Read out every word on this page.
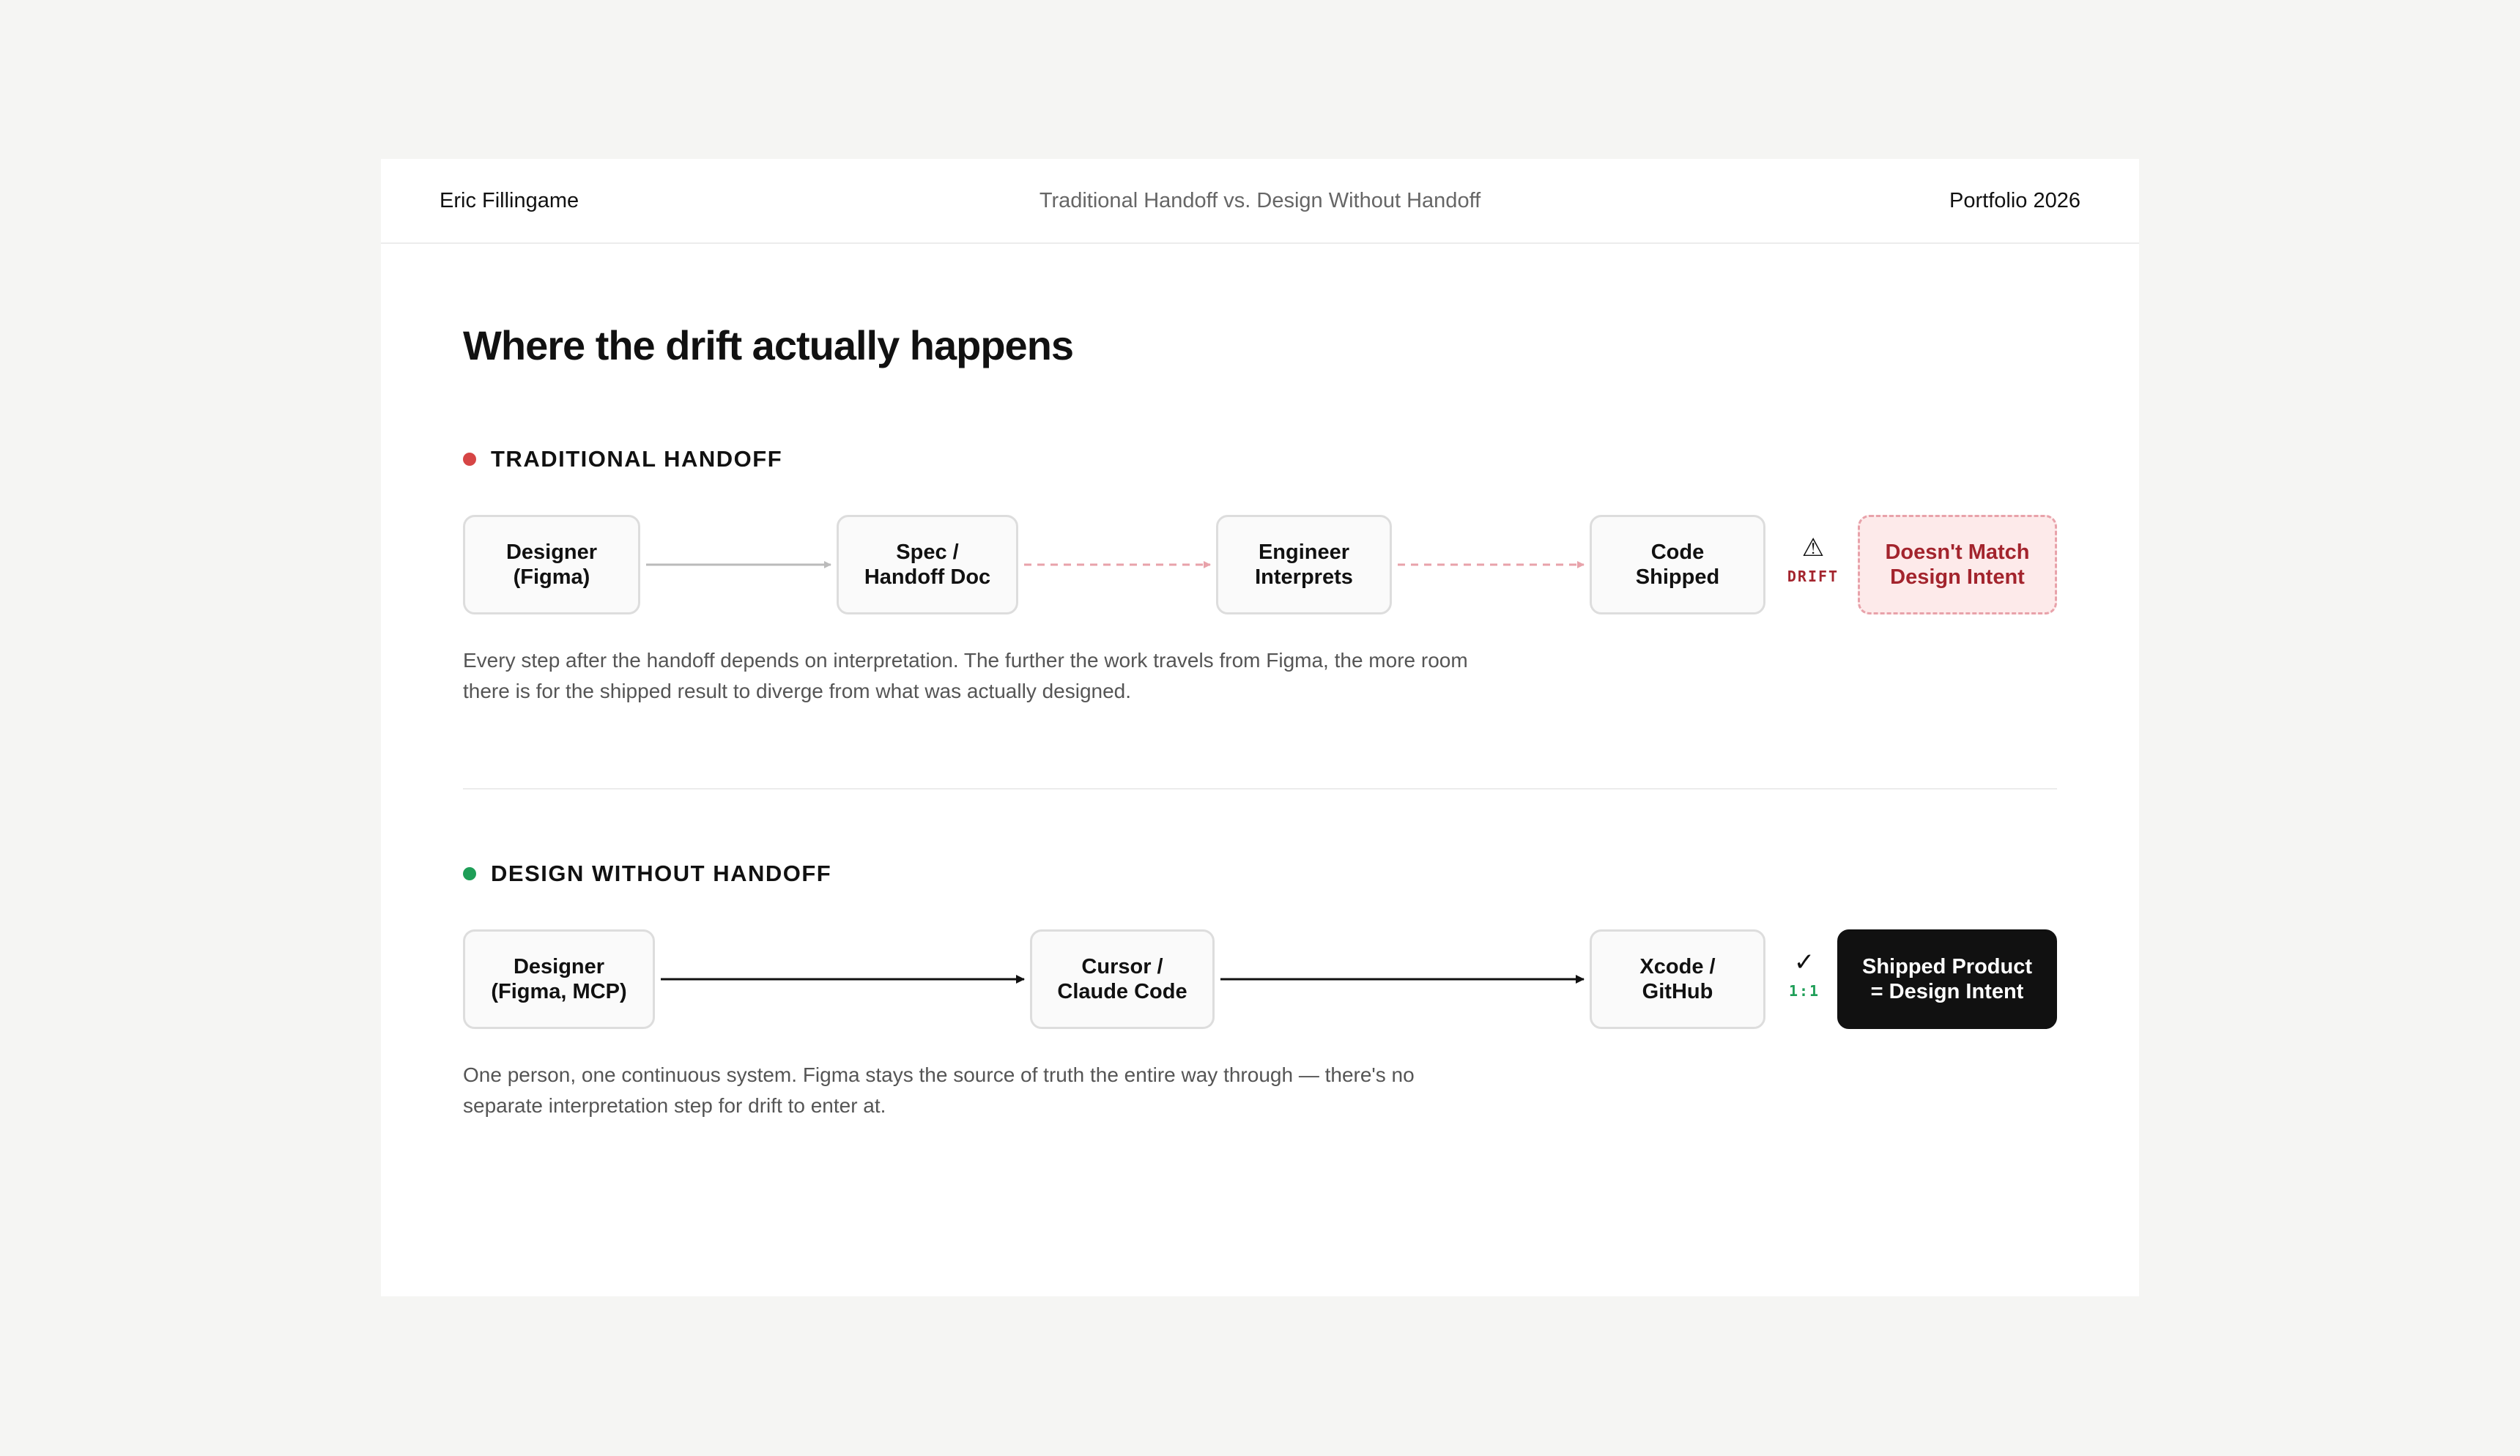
Eric Fillingame	Traditional Handoff vs. Design Without Handoff	Portfolio 2026
Where the drift actually happens
TRADITIONAL HANDOFF
Designer
(Figma)
Spec /
Handoff Doc
Engineer
Interprets
Code
Shipped
⚠
DRIFT
Doesn't Match
Design Intent
Every step after the handoff depends on interpretation. The further the work travels from Figma, the more room there is for the shipped result to diverge from what was actually designed.
DESIGN WITHOUT HANDOFF
Designer
(Figma, MCP)
Cursor /
Claude Code
Xcode /
GitHub
✓
1:1
Shipped Product
= Design Intent
One person, one continuous system. Figma stays the source of truth the entire way through — there's no separate interpretation step for drift to enter at.
